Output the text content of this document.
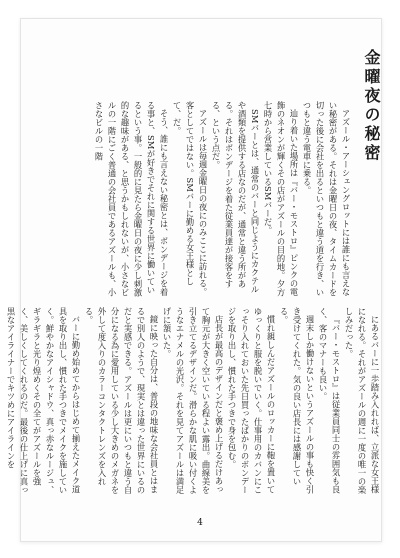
金曜夜の秘密

アズール・アーシェングロットには誰にも言えない秘密がある。それは金曜日の夜、タイムカードを切った後に会社を出るといつもと違う道を行き、いつもと違う電車に乗る。

辿り着いた場所は『バー・モストロ』ピンクの電飾のネオンが輝くその店がアズールの目的地。夕方七時から営業しているSMバーだ。

SMバーとは、通常のバーと同じようにカクテルや酒類を提供する店なのだが、通常と違う所がある。それはボンデージを着た従業員達が接客をする、という点だ。

アズールは毎週金曜日の夜にのみここに訪れる。客としてではない。SMバーに勤める女王様として、だ。

そう、誰にも言えない秘密とは、ボンデージを着る事と、SMが好きでそれに関する世界に働いているという事。一般的に見たら金曜日の夜に少し刺激的な趣味がある、と思うかもしれないが、小さなビルの一階にごく普通の会社員であるアズールも、小さなビルの一階

にあるバーに一歩踏み入れれば、立派な女王様になれる。それがアズールの週に一度の唯一の楽しみだった。

『バー・モストロ』は従業員同士の雰囲気も良く、客のマナーも良い。

週末しか働けないというアズールの事も快く引き受けてくれた。気の良い店長には感謝している。

慣れ親しんだアズールのロッカーに鞄を置いてゆっくりと服を脱いでいく。仕事用のカバンにこっそり入れておいた先日買ったばかりのボンデージを取り出し、慣れた手つきで身を包む。

店長が最高のデザインだと褒め上げるだけあって胸元が大きく空いている程よい露出。曲線美を引き立てるデザインだ。滑らかな肌に吸い付くようなエナメルの光沢。それを見てアズールは満足げに頷いた。

鏡に映った自分は、普段の地味な会社員とはまるで別人のようで、現実とは違った世界にいるのだと実感できる。アズールは更にいつもと違う自分になる為に愛用している少し大きめのメガネを外して度入りのカラーコンタクトレンズを入れる。

バーに勤め始めてからはじめて揃えたメイク道具を取り出し、慣れた手つきでメイクを施していく。鮮やかなアイシャドウ、真っ赤なルージュ、ギラギラと光り煌めくその全てがアズールを強く、美しくしてくれるのだ。最後の仕上げに真っ黒なアイライナーでキツめにアイラインを

4
